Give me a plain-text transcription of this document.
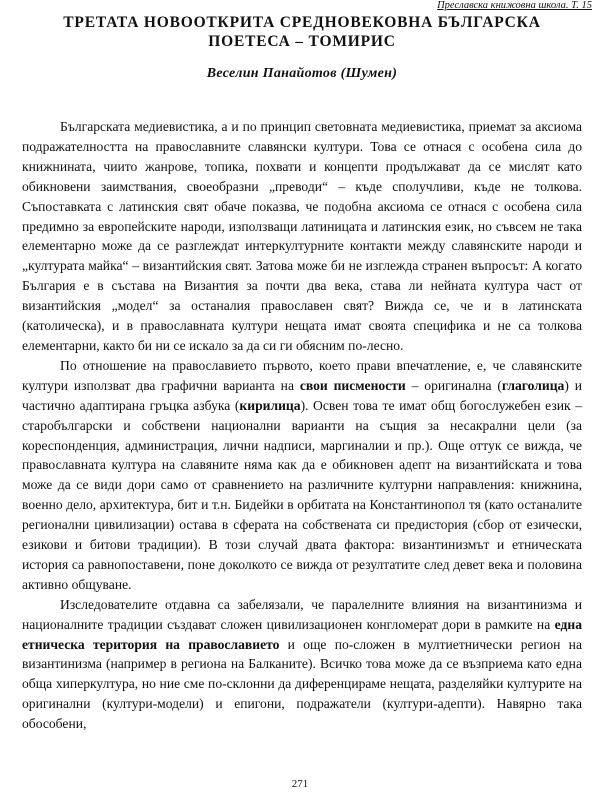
Преславска книжовна школа. Т. 15
ТРЕТАТА НОВООТКРИТА СРЕДНОВЕКОВНА БЪЛГАРСКА
ПОЕТЕСА – ТОМИРИС
Веселин Панайотов (Шумен)

Българската медиевистика, а и по принцип световната медиевистика, приемат за аксиома подражателността на православните славянски култури. Това се отнася с особена сила до книжнината, чиито жанрове, топика, похвати и концепти продължават да се мислят като обикновени заимствания, своеобразни „преводи“ – къде сполучливи, къде не толкова. Съпоставката с латинския свят обаче показва, че подобна аксиома се отнася с особена сила предимно за европейските народи, използващи латиницата и латинския език, но съвсем не така елементарно може да се разглеждат интеркултурните контакти между славянските народи и „културата майка“ – византийския свят. Затова може би не изглежда странен въпросът: А когато България е в състава на Византия за почти два века, става ли нейната култура част от византийския „модел“ за останалия православен свят? Виждa се, че и в латинската (католическа), и в православната култури нещата имат своята специфика и не са толкова елементарни, както би ни се искало за да си ги обясним по-лесно.

По отношение на православието първото, което прави впечатление, е, че славянските култури използват два графични варианта на свои писмености – оригинална (глаголица) и частично адаптирана гръцка азбука (кирилица). Освен това те имат общ богослужебен език – старобългарски и собствени национални варианти на същия за несакрални цели (за кореспонденция, администрация, лични надписи, маргиналии и пр.). Още оттук се вижда, че православната култура на славяните няма как да е обикновен адепт на византийската и това може да се види дори само от сравнението на различните културни направления: книжнина, военно дело, архитектура, бит и т.н. Бидейки в орбитата на Константинопол тя (като останалите регионални цивилизации) остава в сферата на собствената си предистория (сбор от езически, езикови и битови традиции). В този случай двата фактора: византинизмът и етническата история са равнопоставени, поне доколкото се вижда от резултатите след девет века и половина активно общуване.

Изследователите отдавна са забелязали, че паралелните влияния на византинизма и националните традиции създават сложен цивилизационен конгломерат дори в рамките на една етническа територия на православието и още по-сложен в мултиетнически регион на византинизма (например в региона на Балканите). Всичко това може да се възприема като една обща хиперкултура, но ние сме по-склонни да диференцираме нещата, разделяйки културите на оригинални (култури-модели) и епигони, подражатели (култури-адепти). Навярно така обособени,

271
